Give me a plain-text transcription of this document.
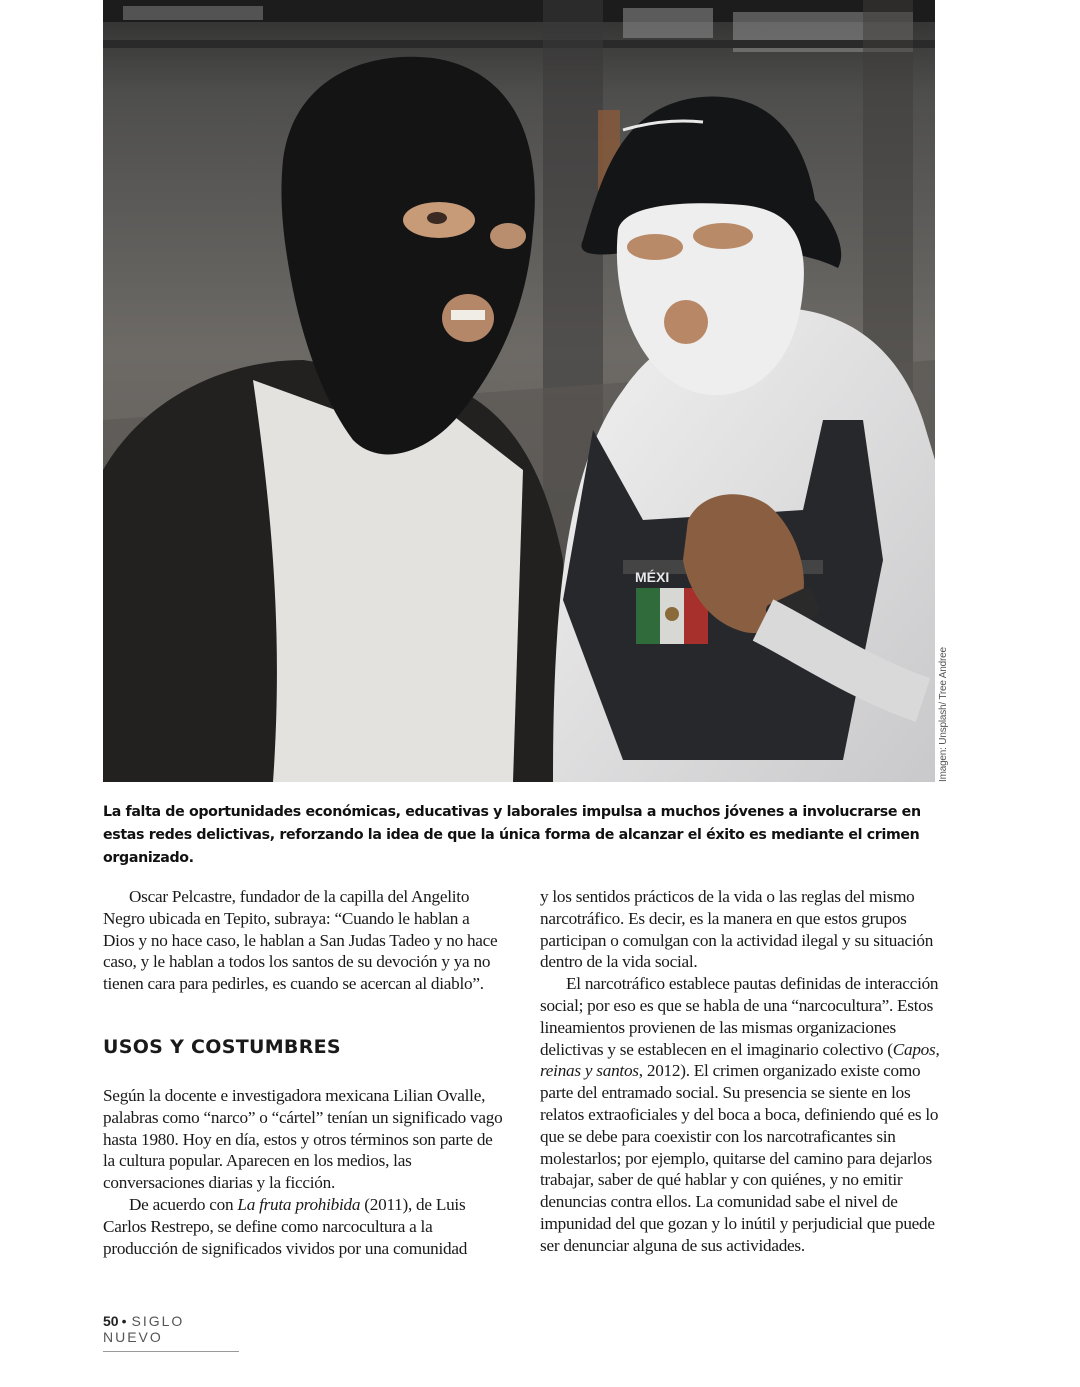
MÉXI
Imagen: Unsplash/ Tree Andree
La falta de oportunidades económicas, educativas y laborales impulsa a muchos jóvenes a involucrarse en estas redes delictivas, reforzando la idea de que la única forma de alcanzar el éxito es mediante el crimen organizado.

Oscar Pelcastre, fundador de la capilla del Angelito Negro ubicada en Tepito, subraya: “Cuando le hablan a Dios y no hace caso, le hablan a San Judas Tadeo y no hace caso, y le hablan a todos los santos de su devoción y ya no tienen cara para pedirles, es cuando se acercan al diablo”.

USOS Y COSTUMBRES

Según la docente e investigadora mexicana Lilian Ovalle, palabras como “narco” o “cártel” tenían un significado vago hasta 1980. Hoy en día, estos y otros términos son parte de la cultura popular. Aparecen en los medios, las conversaciones diarias y la ficción.

De acuerdo con La fruta prohibida (2011), de Luis Carlos Restrepo, se define como narcocultura a la producción de significados vividos por una comunidad

y los sentidos prácticos de la vida o las reglas del mismo narcotráfico. Es decir, es la manera en que estos grupos participan o comulgan con la actividad ilegal y su situación dentro de la vida social.

El narcotráfico establece pautas definidas de interacción social; por eso es que se habla de una “narcocultura”. Estos lineamientos provienen de las mismas organizaciones delictivas y se establecen en el imaginario colectivo (Capos, reinas y santos, 2012). El crimen organizado existe como parte del entramado social. Su presencia se siente en los relatos extraoficiales y del boca a boca, definiendo qué es lo que se debe para coexistir con los narcotraficantes sin molestarlos; por ejemplo, quitarse del camino para dejarlos trabajar, saber de qué hablar y con quiénes, y no emitir denuncias contra ellos. La comunidad sabe el nivel de impunidad del que gozan y lo inútil y perjudicial que puede ser denunciar alguna de sus actividades.

50 • SIGLO NUEVO
